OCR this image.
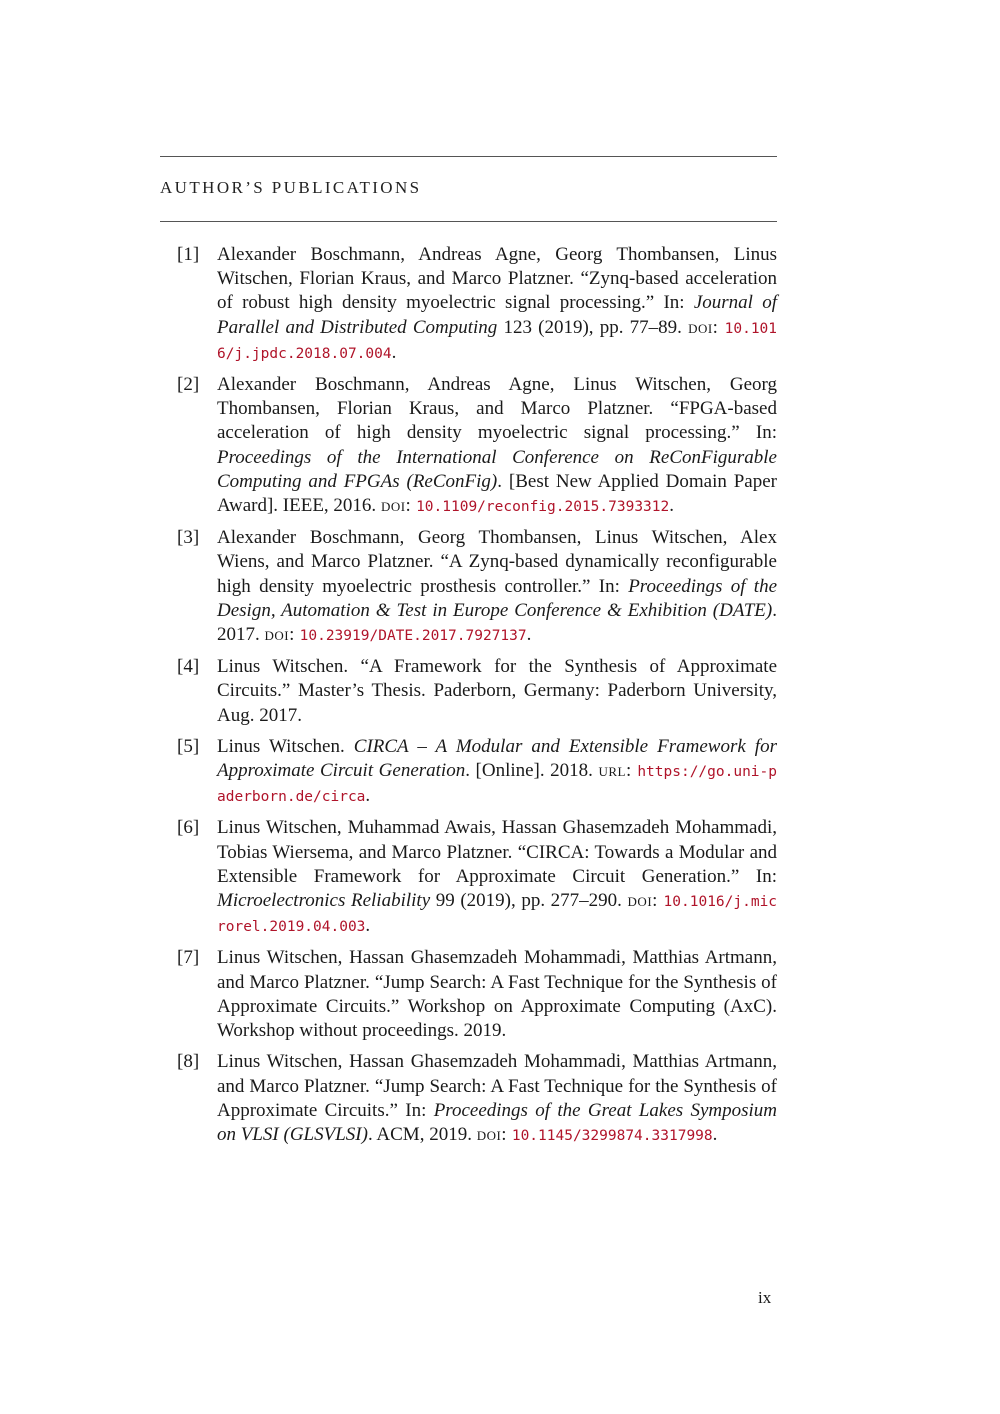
AUTHOR’S PUBLICATIONS
[1] Alexander Boschmann, Andreas Agne, Georg Thombansen, Linus Witschen, Florian Kraus, and Marco Platzner. “Zynq-based acceleration of robust high density myoelectric signal processing.” In: Journal of Parallel and Distributed Computing 123 (2019), pp. 77–89. doi: 10.1016/j.jpdc.2018.07.004.
[2] Alexander Boschmann, Andreas Agne, Linus Witschen, Georg Thombansen, Florian Kraus, and Marco Platzner. “FPGA-based acceleration of high density myoelectric signal processing.” In: Proceedings of the International Conference on ReConFigurable Computing and FPGAs (ReConFig). [Best New Applied Domain Paper Award]. IEEE, 2016. doi: 10.1109/reconfig.2015.7393312.
[3] Alexander Boschmann, Georg Thombansen, Linus Witschen, Alex Wiens, and Marco Platzner. “A Zynq-based dynamically reconfigurable high density myoelectric prosthesis controller.” In: Proceedings of the Design, Automation & Test in Europe Conference & Exhibition (DATE). 2017. doi: 10.23919/DATE.2017.7927137.
[4] Linus Witschen. “A Framework for the Synthesis of Approximate Circuits.” Master’s Thesis. Paderborn, Germany: Paderborn University, Aug. 2017.
[5] Linus Witschen. CIRCA – A Modular and Extensible Framework for Approximate Circuit Generation. [Online]. 2018. url: https://go.uni-paderborn.de/circa.
[6] Linus Witschen, Muhammad Awais, Hassan Ghasemzadeh Mohammadi, Tobias Wiersema, and Marco Platzner. “CIRCA: Towards a Modular and Extensible Framework for Approximate Circuit Generation.” In: Microelectronics Reliability 99 (2019), pp. 277–290. doi: 10.1016/j.microrel.2019.04.003.
[7] Linus Witschen, Hassan Ghasemzadeh Mohammadi, Matthias Artmann, and Marco Platzner. “Jump Search: A Fast Technique for the Synthesis of Approximate Circuits.” Workshop on Approximate Computing (AxC). Workshop without proceedings. 2019.
[8] Linus Witschen, Hassan Ghasemzadeh Mohammadi, Matthias Artmann, and Marco Platzner. “Jump Search: A Fast Technique for the Synthesis of Approximate Circuits.” In: Proceedings of the Great Lakes Symposium on VLSI (GLSVLSI). ACM, 2019. doi: 10.1145/3299874.3317998.
ix
